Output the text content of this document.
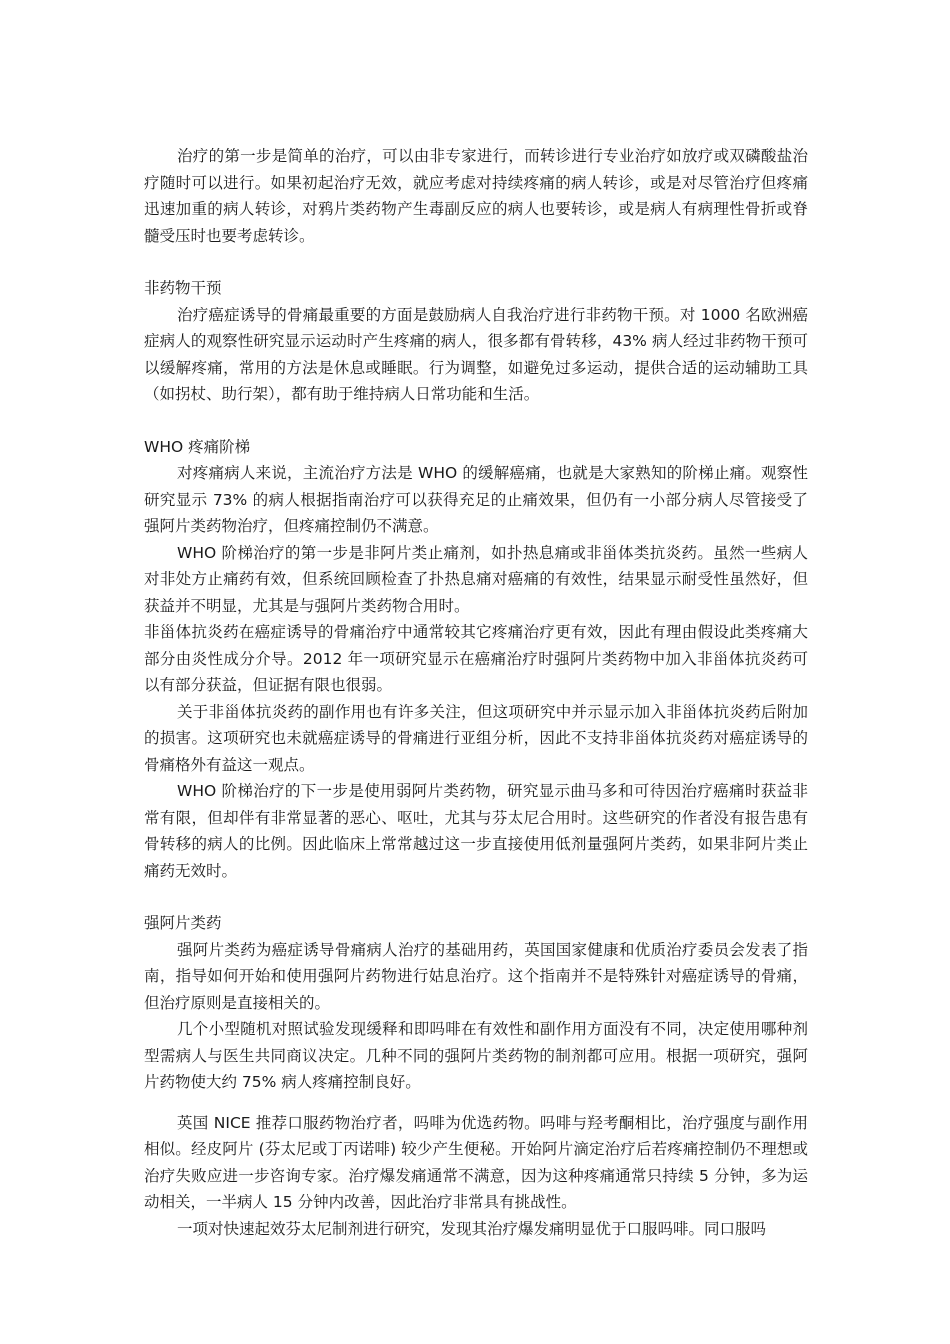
治疗的第一步是简单的治疗，可以由非专家进行，而转诊进行专业治疗如放疗或双磷酸盐治疗随时可以进行。如果初起治疗无效，就应考虑对持续疼痛的病人转诊，或是对尽管治疗但疼痛迅速加重的病人转诊，对鸦片类药物产生毒副反应的病人也要转诊，或是病人有病理性骨折或脊髓受压时也要考虑转诊。

非药物干预

治疗癌症诱导的骨痛最重要的方面是鼓励病人自我治疗进行非药物干预。对 1000 名欧洲癌症病人的观察性研究显示运动时产生疼痛的病人，很多都有骨转移，43% 病人经过非药物干预可以缓解疼痛，常用的方法是休息或睡眠。行为调整，如避免过多运动，提供合适的运动辅助工具（如拐杖、助行架），都有助于维持病人日常功能和生活。

WHO 疼痛阶梯

对疼痛病人来说，主流治疗方法是 WHO 的缓解癌痛，也就是大家熟知的阶梯止痛。观察性研究显示 73% 的病人根据指南治疗可以获得充足的止痛效果，但仍有一小部分病人尽管接受了强阿片类药物治疗，但疼痛控制仍不满意。

WHO 阶梯治疗的第一步是非阿片类止痛剂，如扑热息痛或非甾体类抗炎药。虽然一些病人对非处方止痛药有效，但系统回顾检查了扑热息痛对癌痛的有效性，结果显示耐受性虽然好，但获益并不明显，尤其是与强阿片类药物合用时。

非甾体抗炎药在癌症诱导的骨痛治疗中通常较其它疼痛治疗更有效，因此有理由假设此类疼痛大部分由炎性成分介导。2012 年一项研究显示在癌痛治疗时强阿片类药物中加入非甾体抗炎药可以有部分获益，但证据有限也很弱。

关于非甾体抗炎药的副作用也有许多关注，但这项研究中并示显示加入非甾体抗炎药后附加的损害。这项研究也未就癌症诱导的骨痛进行亚组分析，因此不支持非甾体抗炎药对癌症诱导的骨痛格外有益这一观点。

WHO 阶梯治疗的下一步是使用弱阿片类药物，研究显示曲马多和可待因治疗癌痛时获益非常有限，但却伴有非常显著的恶心、呕吐，尤其与芬太尼合用时。这些研究的作者没有报告患有骨转移的病人的比例。因此临床上常常越过这一步直接使用低剂量强阿片类药，如果非阿片类止痛药无效时。

强阿片类药

强阿片类药为癌症诱导骨痛病人治疗的基础用药，英国国家健康和优质治疗委员会发表了指南，指导如何开始和使用强阿片药物进行姑息治疗。这个指南并不是特殊针对癌症诱导的骨痛，但治疗原则是直接相关的。

几个小型随机对照试验发现缓释和即吗啡在有效性和副作用方面没有不同，决定使用哪种剂型需病人与医生共同商议决定。几种不同的强阿片类药物的制剂都可应用。根据一项研究，强阿片药物使大约 75% 病人疼痛控制良好。

英国 NICE 推荐口服药物治疗者，吗啡为优选药物。吗啡与羟考酮相比，治疗强度与副作用相似。经皮阿片 (芬太尼或丁丙诺啡) 较少产生便秘。开始阿片滴定治疗后若疼痛控制仍不理想或治疗失败应进一步咨询专家。治疗爆发痛通常不满意，因为这种疼痛通常只持续 5 分钟，多为运动相关，一半病人 15 分钟内改善，因此治疗非常具有挑战性。

一项对快速起效芬太尼制剂进行研究，发现其治疗爆发痛明显优于口服吗啡。同口服吗
